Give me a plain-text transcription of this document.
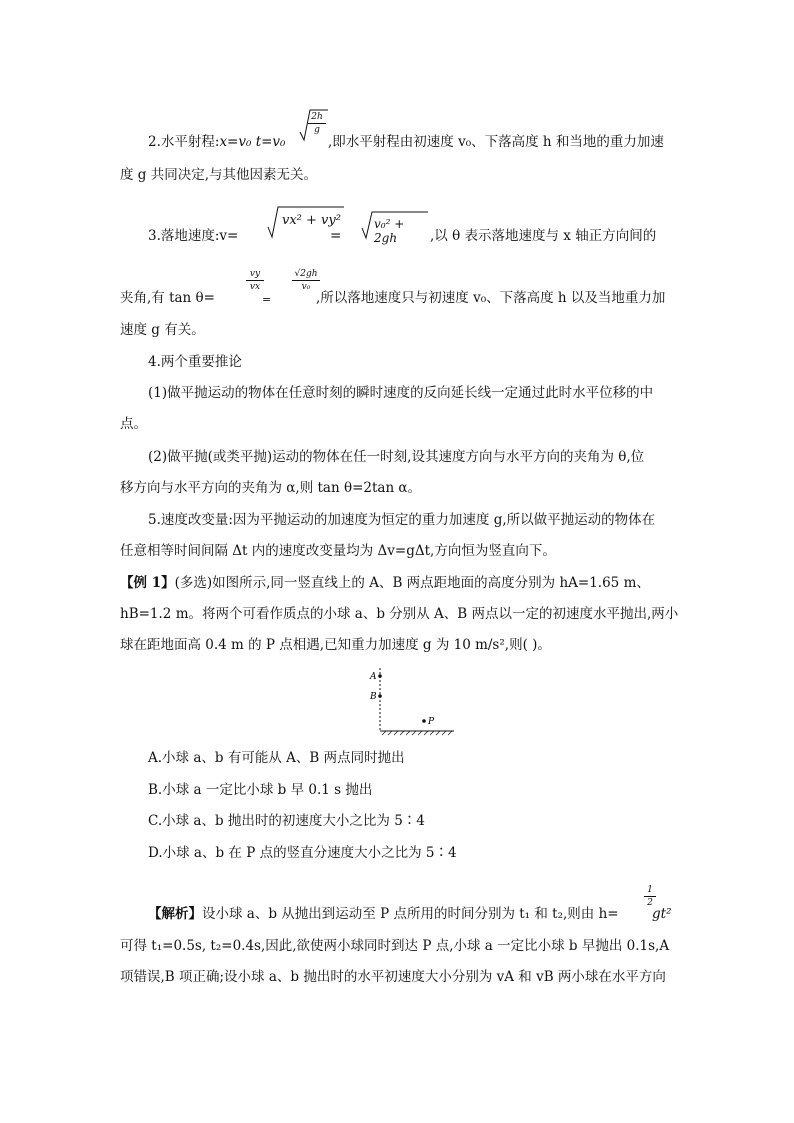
2.水平射程:x=v₀ t=v₀
$\frac{2h}{g}$
,即水平射程由初速度 v₀、下落高度 h 和当地的重力加速
度 g 共同决定,与其他因素无关。
3.落地速度:v=
vx² + vy²
=
v₀² + 2gh	,以 θ 表示落地速度与 x 轴正方向间的
夹角,有 tan θ=
$\frac{vy}{vx}$
=
$\frac{√2gh}{\text{v₀}}$
,所以落地速度只与初速度 v₀、下落高度 h 以及当地重力加
速度 g 有关。
4.两个重要推论
(1)做平抛运动的物体在任意时刻的瞬时速度的反向延长线一定通过此时水平位移的中
点。
(2)做平抛(或类平抛)运动的物体在任一时刻,设其速度方向与水平方向的夹角为 θ,位
移方向与水平方向的夹角为 α,则 tan θ=2tan α。
5.速度改变量:因为平抛运动的加速度为恒定的重力加速度 g,所以做平抛运动的物体在
任意相等时间间隔 Δt 内的速度改变量均为 Δv=gΔt,方向恒为竖直向下。
【例 1】(多选)如图所示,同一竖直线上的 A、B 两点距地面的高度分别为 hA=1.65 m、
hB=1.2 m。将两个可看作质点的小球 a、b 分别从 A、B 两点以一定的初速度水平抛出,两小
球在距地面高 0.4 m 的 P 点相遇,已知重力加速度 g 为 10 m/s²,则( )。
A
B
P
A.小球 a、b 有可能从 A、B 两点同时抛出
B.小球 a 一定比小球 b 早 0.1 s 抛出
C.小球 a、b 抛出时的初速度大小之比为 5∶4
D.小球 a、b 在 P 点的竖直分速度大小之比为 5∶4
【解析】设小球 a、b 从抛出到运动至 P 点所用的时间分别为 t₁ 和 t₂,则由 h=
$\frac{1}{2}$
gt²
可得 t₁=0.5s, t₂=0.4s,因此,欲使两小球同时到达 P 点,小球 a 一定比小球 b 早抛出 0.1s,A
项错误,B 项正确;设小球 a、b 抛出时的水平初速度大小分别为 vA 和 vB 两小球在水平方向
